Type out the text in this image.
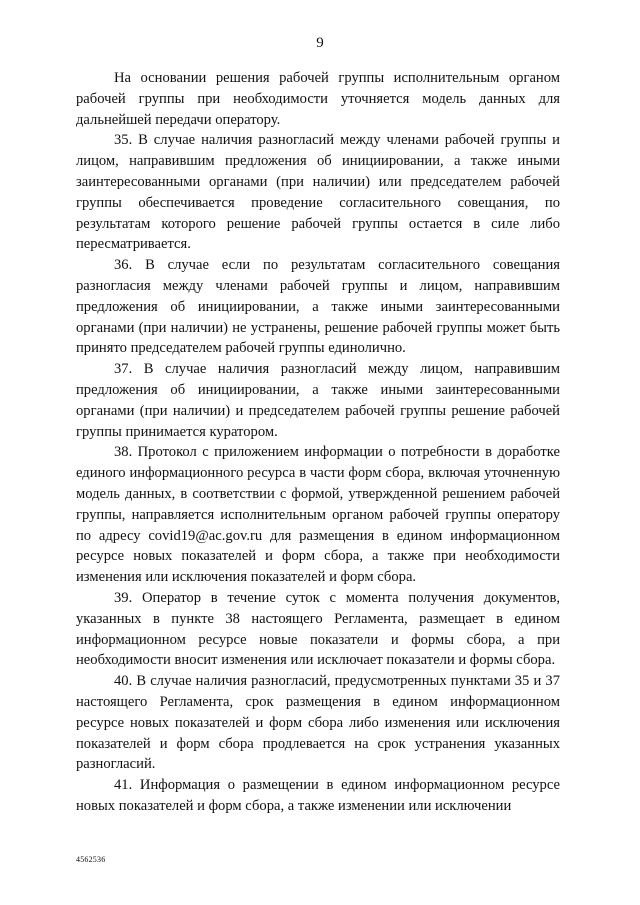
9

На основании решения рабочей группы исполнительным органом рабочей группы при необходимости уточняется модель данных для дальнейшей передачи оператору.

35. В случае наличия разногласий между членами рабочей группы и лицом, направившим предложения об инициировании, а также иными заинтересованными органами (при наличии) или председателем рабочей группы обеспечивается проведение согласительного совещания, по результатам которого решение рабочей группы остается в силе либо пересматривается.

36. В случае если по результатам согласительного совещания разногласия между членами рабочей группы и лицом, направившим предложения об инициировании, а также иными заинтересованными органами (при наличии) не устранены, решение рабочей группы может быть принято председателем рабочей группы единолично.

37. В случае наличия разногласий между лицом, направившим предложения об инициировании, а также иными заинтересованными органами (при наличии) и председателем рабочей группы решение рабочей группы принимается куратором.

38. Протокол с приложением информации о потребности в доработке единого информационного ресурса в части форм сбора, включая уточненную модель данных, в соответствии с формой, утвержденной решением рабочей группы, направляется исполнительным органом рабочей группы оператору по адресу covid19@ac.gov.ru для размещения в едином информационном ресурсе новых показателей и форм сбора, а также при необходимости изменения или исключения показателей и форм сбора.

39. Оператор в течение суток с момента получения документов, указанных в пункте 38 настоящего Регламента, размещает в едином информационном ресурсе новые показатели и формы сбора, а при необходимости вносит изменения или исключает показатели и формы сбора.

40. В случае наличия разногласий, предусмотренных пунктами 35 и 37 настоящего Регламента, срок размещения в едином информационном ресурсе новых показателей и форм сбора либо изменения или исключения показателей и форм сбора продлевается на срок устранения указанных разногласий.

41. Информация о размещении в едином информационном ресурсе новых показателей и форм сбора, а также изменении или исключении

4562536
